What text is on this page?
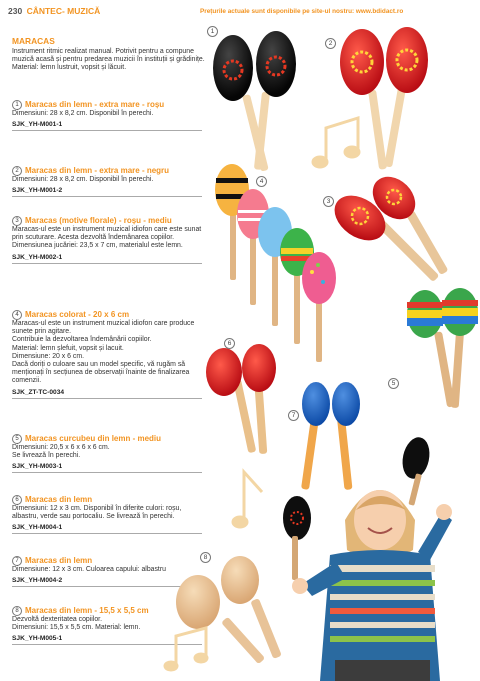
230 CÂNTEC- MUZICĂ	Prețurile actuale sunt disponibile pe site-ul nostru: www.bdidact.ro
MARACAS
Instrument ritmic realizat manual. Potrivit pentru a compune muzică acasă și pentru predarea muzicii în instituții și grădinițe.
Material: lemn lustruit, vopsit și lăcuit.
1 Maracas din lemn - extra mare - roșu
Dimensiuni: 28 x 8,2 cm. Disponibil în perechi.
SJK_YH-M001-1
2 Maracas din lemn - extra mare - negru
Dimensiuni: 28 x 8,2 cm. Disponibil în perechi.
SJK_YH-M001-2
3 Maracas (motive florale) - roșu - mediu
Maracas-ul este un instrument muzical idiofon care este sunat prin scuturare. Acesta dezvoltă îndemânarea copiilor.
Dimensiunea jucăriei: 23,5 x 7 cm, materialul este lemn.
SJK_YH-M002-1
4 Maracas colorat - 20 x 6 cm
Maracas-ul este un instrument muzical idiofon care produce sunete prin agitare.
Contribuie la dezvoltarea îndemânării copiilor.
Material: lemn șlefuit, vopsit și lacuit.
Dimensiune: 20 x 6 cm.
Dacă doriți o culoare sau un model specific, vă rugăm să menționați în secțiunea de observații înainte de finalizarea comenzii.
SJK_ZT-TC-0034
5 Maracas curcubeu din lemn - mediu
Dimensiuni: 20,5 x 6 x 6 x 6 cm.
Se livrează în perechi.
SJK_YH-M003-1
6 Maracas din lemn
Dimensiuni: 12 x 3 cm. Disponibil în diferite culori: roșu, albastru, verde sau portocaliu. Se livrează în perechi.
SJK_YH-M004-1
7 Maracas din lemn
Dimensiune: 12 x 3 cm. Culoarea capului: albastru
SJK_YH-M004-2
8 Maracas din lemn - 15,5 x 5,5 cm
Dezvoltă dexteritatea copiilor.
Dimensiuni: 15,5 x 5,5 cm. Material: lemn.
SJK_YH-M005-1
1
2
4
3
6
5
7
8
